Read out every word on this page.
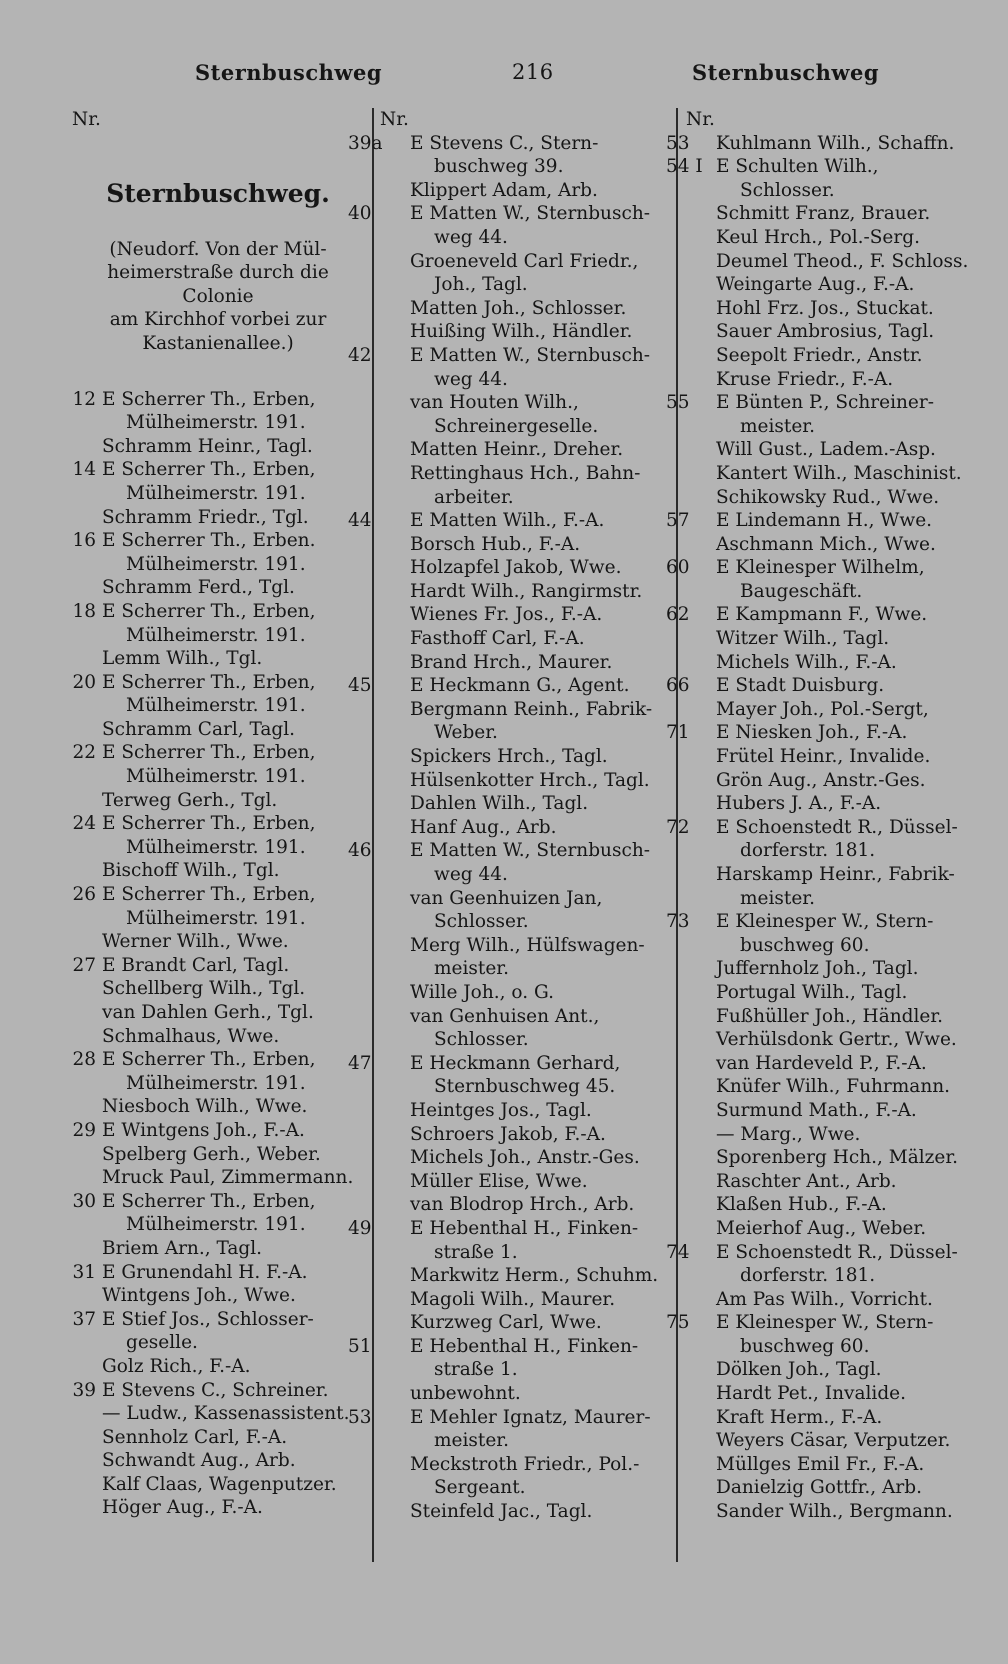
Sternbuschweg	216	Sternbuschweg
Nr.
Sternbuschweg.
(Neudorf. Von der Mül-
heimerstraße durch die Colonie
am Kirchhof vorbei zur
Kastanienallee.)
12 E Scherrer Th., Erben,
Mülheimerstr. 191.
Schramm Heinr., Tagl.
14 E Scherrer Th., Erben,
Mülheimerstr. 191.
Schramm Friedr., Tgl.
16 E Scherrer Th., Erben.
Mülheimerstr. 191.
Schramm Ferd., Tgl.
18 E Scherrer Th., Erben,
Mülheimerstr. 191.
Lemm Wilh., Tgl.
20 E Scherrer Th., Erben,
Mülheimerstr. 191.
Schramm Carl, Tagl.
22 E Scherrer Th., Erben,
Mülheimerstr. 191.
Terweg Gerh., Tgl.
24 E Scherrer Th., Erben,
Mülheimerstr. 191.
Bischoff Wilh., Tgl.
26 E Scherrer Th., Erben,
Mülheimerstr. 191.
Werner Wilh., Wwe.
27 E Brandt Carl, Tagl.
Schellberg Wilh., Tgl.
van Dahlen Gerh., Tgl.
Schmalhaus, Wwe.
28 E Scherrer Th., Erben,
Mülheimerstr. 191.
Niesboch Wilh., Wwe.
29 E Wintgens Joh., F.-A.
Spelberg Gerh., Weber.
Mruck Paul, Zimmermann.
30 E Scherrer Th., Erben,
Mülheimerstr. 191.
Briem Arn., Tagl.
31 E Grunendahl H. F.-A.
Wintgens Joh., Wwe.
37 E Stief Jos., Schlosser-
geselle.
Golz Rich., F.-A.
39 E Stevens C., Schreiner.
— Ludw., Kassenassistent.
Sennholz Carl, F.-A.
Schwandt Aug., Arb.
Kalf Claas, Wagenputzer.
Höger Aug., F.-A.
Nr.
39a	E Stevens C., Stern-
buschweg 39.
Klippert Adam, Arb.
40	E Matten W., Sternbusch-
weg 44.
Groeneveld Carl Friedr.,
Joh., Tagl.
Matten Joh., Schlosser.
Huißing Wilh., Händler.
42	E Matten W., Sternbusch-
weg 44.
van Houten Wilh.,
Schreinergeselle.
Matten Heinr., Dreher.
Rettinghaus Hch., Bahn-
arbeiter.
44	E Matten Wilh., F.-A.
Borsch Hub., F.-A.
Holzapfel Jakob, Wwe.
Hardt Wilh., Rangirmstr.
Wienes Fr. Jos., F.-A.
Fasthoff Carl, F.-A.
Brand Hrch., Maurer.
45	E Heckmann G., Agent.
Bergmann Reinh., Fabrik-
Weber.
Spickers Hrch., Tagl.
Hülsenkotter Hrch., Tagl.
Dahlen Wilh., Tagl.
Hanf Aug., Arb.
46	E Matten W., Sternbusch-
weg 44.
van Geenhuizen Jan,
Schlosser.
Merg Wilh., Hülfswagen-
meister.
Wille Joh., o. G.
van Genhuisen Ant.,
Schlosser.
47	E Heckmann Gerhard,
Sternbuschweg 45.
Heintges Jos., Tagl.
Schroers Jakob, F.-A.
Michels Joh., Anstr.-Ges.
Müller Elise, Wwe.
van Blodrop Hrch., Arb.
49	E Hebenthal H., Finken-
straße 1.
Markwitz Herm., Schuhm.
Magoli Wilh., Maurer.
Kurzweg Carl, Wwe.
51	E Hebenthal H., Finken-
straße 1.
unbewohnt.
53	E Mehler Ignatz, Maurer-
meister.
Meckstroth Friedr., Pol.-
Sergeant.
Steinfeld Jac., Tagl.
Nr.
53	Kuhlmann Wilh., Schaffn.
54 I E Schulten Wilh.,
Schlosser.
Schmitt Franz, Brauer.
Keul Hrch., Pol.-Serg.
Deumel Theod., F. Schloss.
Weingarte Aug., F.-A.
Hohl Frz. Jos., Stuckat.
Sauer Ambrosius, Tagl.
Seepolt Friedr., Anstr.
Kruse Friedr., F.-A.
55	E Bünten P., Schreiner-
meister.
Will Gust., Ladem.-Asp.
Kantert Wilh., Maschinist.
Schikowsky Rud., Wwe.
57	E Lindemann H., Wwe.
Aschmann Mich., Wwe.
60	E Kleinesper Wilhelm,
Baugeschäft.
62	E Kampmann F., Wwe.
Witzer Wilh., Tagl.
Michels Wilh., F.-A.
66	E Stadt Duisburg.
Mayer Joh., Pol.-Sergt,
71	E Niesken Joh., F.-A.
Frütel Heinr., Invalide.
Grön Aug., Anstr.-Ges.
Hubers J. A., F.-A.
72	E Schoenstedt R., Düssel-
dorferstr. 181.
Harskamp Heinr., Fabrik-
meister.
73	E Kleinesper W., Stern-
buschweg 60.
Juffernholz Joh., Tagl.
Portugal Wilh., Tagl.
Fußhüller Joh., Händler.
Verhülsdonk Gertr., Wwe.
van Hardeveld P., F.-A.
Knüfer Wilh., Fuhrmann.
Surmund Math., F.-A.
— Marg., Wwe.
Sporenberg Hch., Mälzer.
Raschter Ant., Arb.
Klaßen Hub., F.-A.
Meierhof Aug., Weber.
74	E Schoenstedt R., Düssel-
dorferstr. 181.
Am Pas Wilh., Vorricht.
75	E Kleinesper W., Stern-
buschweg 60.
Dölken Joh., Tagl.
Hardt Pet., Invalide.
Kraft Herm., F.-A.
Weyers Cäsar, Verputzer.
Müllges Emil Fr., F.-A.
Danielzig Gottfr., Arb.
Sander Wilh., Bergmann.
